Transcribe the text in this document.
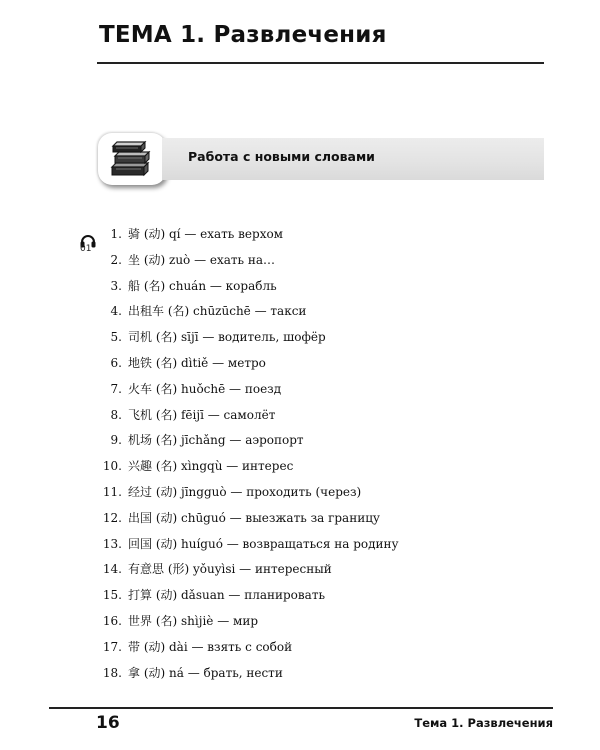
ТЕМА 1. Развлечения
Работа с новыми словами
01
1. 骑 (动) qí — ехать верхом
2. 坐 (动) zuò — ехать на…
3. 船 (名) chuán — корабль
4. 出租车 (名) chūzūchē — такси
5. 司机 (名) sījī — водитель, шофёр
6. 地铁 (名) dìtiě — метро
7. 火车 (名) huǒchē — поезд
8. 飞机 (名) fēijī — самолёт
9. 机场 (名) jīchǎng — аэропорт
10. 兴趣 (名) xìngqù — интерес
11. 经过 (动) jīngguò — проходить (через)
12. 出国 (动) chūguó — выезжать за границу
13. 回国 (动) huíguó — возвращаться на родину
14. 有意思 (形) yǒuyìsi — интересный
15. 打算 (动) dǎsuan — планировать
16. 世界 (名) shìjiè — мир
17. 带 (动) dài — взять с собой
18. 拿 (动) ná — брать, нести
16	Тема 1. Развлечения
